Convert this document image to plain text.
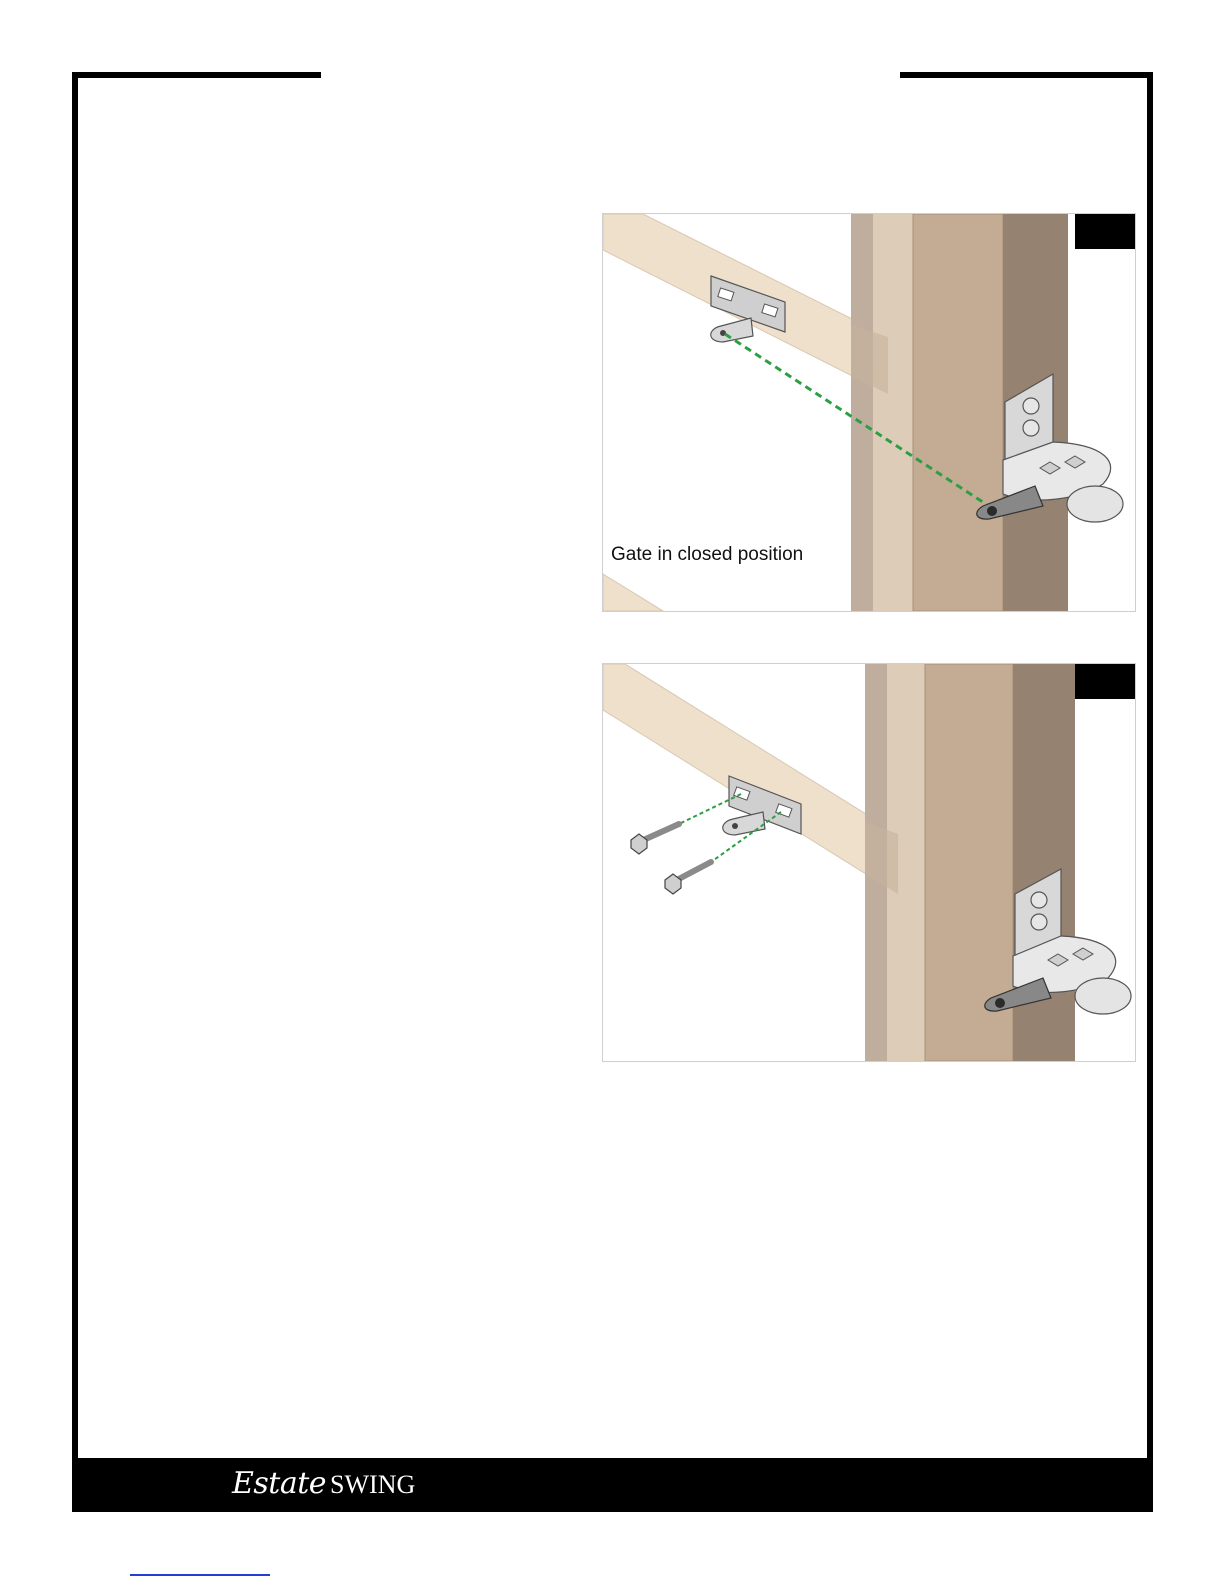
Gate in closed position
Estate SWING
